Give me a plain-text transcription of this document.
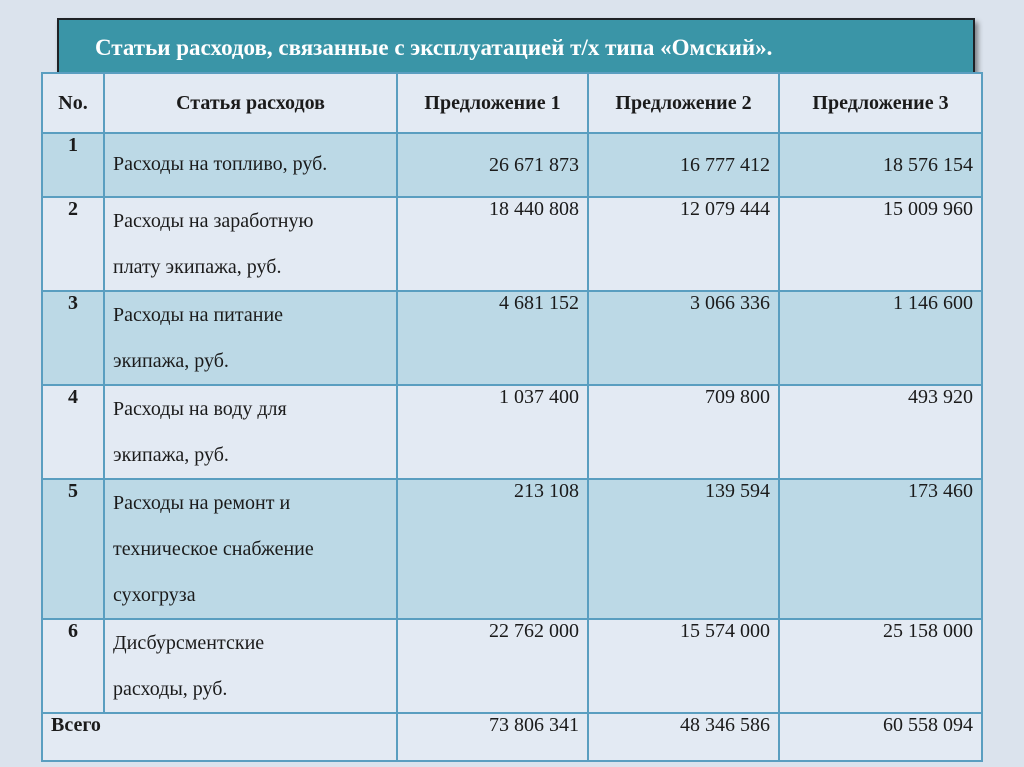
Статьи расходов, связанные с эксплуатацией т/х типа «Омский».
No.	Статья расходов	Предложение 1	Предложение 2	Предложение 3
1	Расходы на топливо, руб.	26 671 873	16 777 412	18 576 154
2	Расходы на заработную
плату экипажа, руб.	18 440 808	12 079 444	15 009 960
3	Расходы на питание
экипажа, руб.	4 681 152	3 066 336	1 146 600
4	Расходы на воду для
экипажа, руб.	1 037 400	709 800	493 920
5	Расходы на ремонт и
техническое снабжение
сухогруза	213 108	139 594	173 460
6	Дисбурсментские
расходы, руб.	22 762 000	15 574 000	25 158 000
Всего		73 806 341	48 346 586	60 558 094
